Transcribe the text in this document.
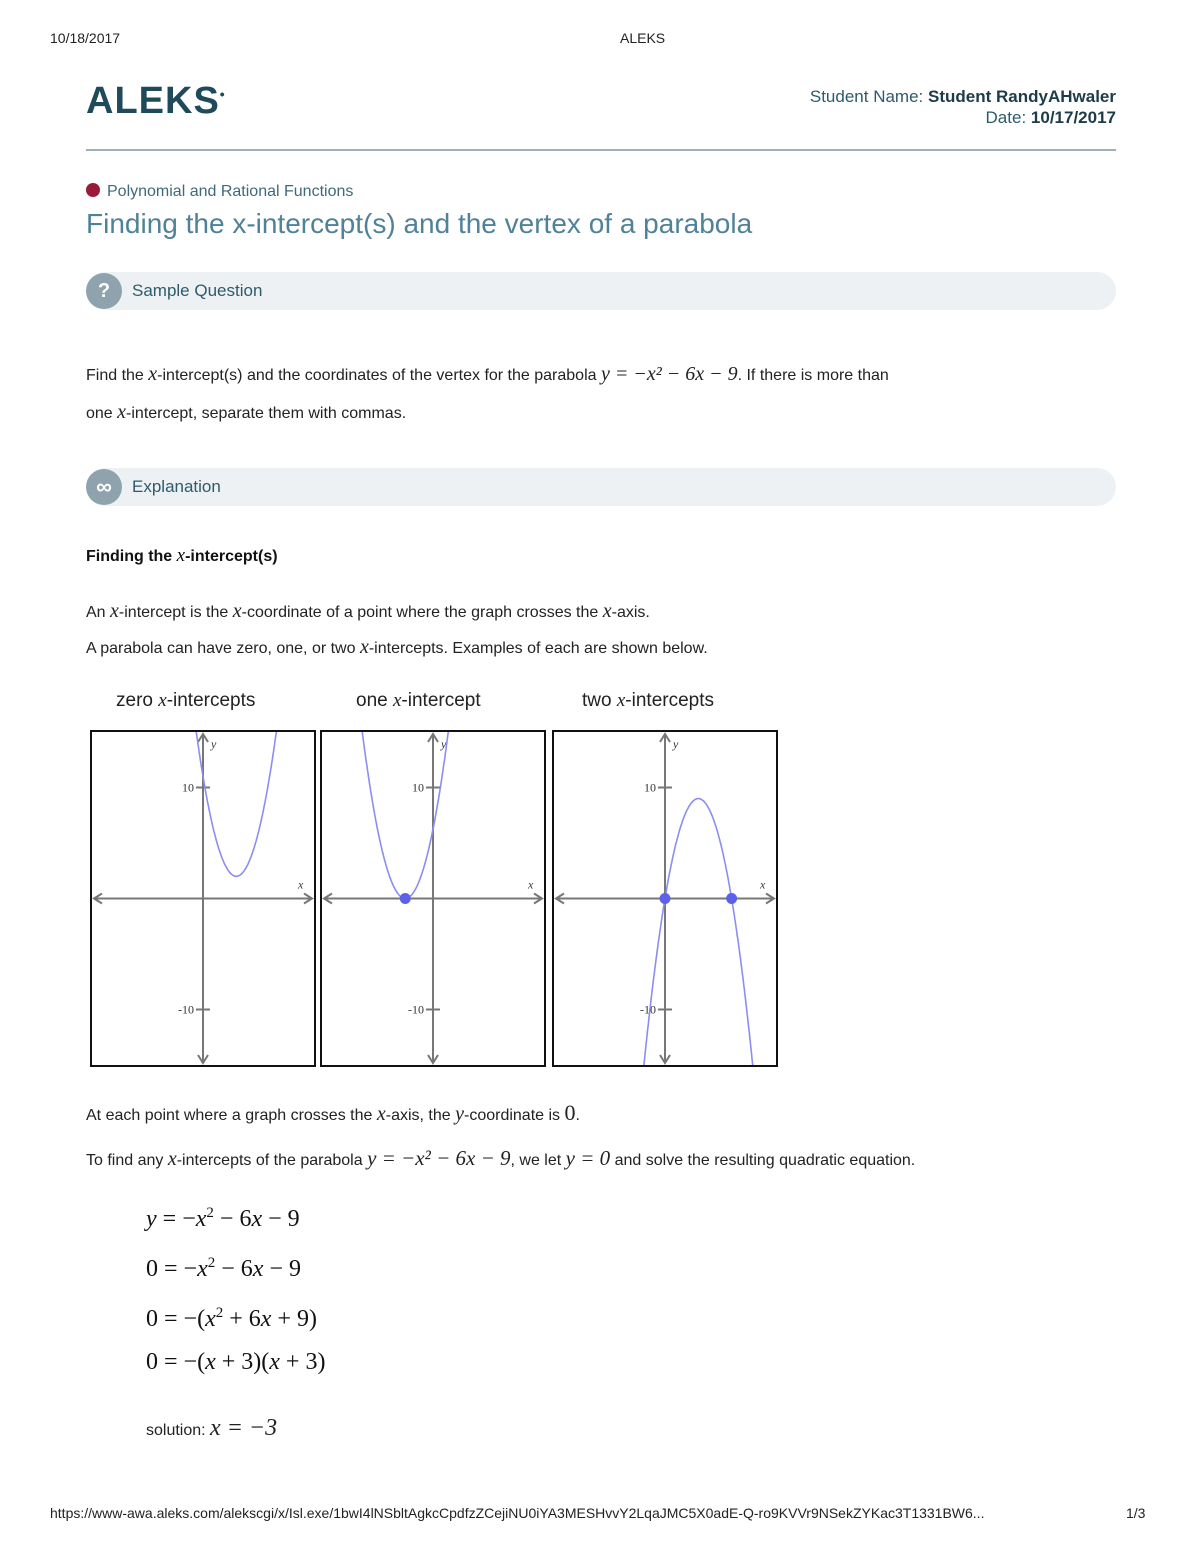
10/18/2017	ALEKS
ALEKS•	Student Name: Student RandyAHwaler
Date: 10/17/2017
Polynomial and Rational Functions
Finding the x-intercept(s) and the vertex of a parabola
?	Sample Question
Find the x-intercept(s) and the coordinates of the vertex for the parabola y = −x² − 6x − 9. If there is more than
one x-intercept, separate them with commas.
∞	Explanation
Finding the x-intercept(s)
An x-intercept is the x-coordinate of a point where the graph crosses the x-axis.
A parabola can have zero, one, or two x-intercepts. Examples of each are shown below.
zero x-intercepts	one x-intercept	two x-intercepts
10
-10
y
x
10
-10
y
x
10
-10
y
x
At each point where a graph crosses the x-axis, the y-coordinate is 0.
To find any x-intercepts of the parabola y = −x² − 6x − 9, we let y = 0 and solve the resulting quadratic equation.
$y = -x^2 - 6x - 9$
$0 = -x^2 - 6x - 9$
$0 = -(x^2 + 6x + 9)$
0 = −(x + 3)(x + 3)
solution: x = −3
https://www-awa.aleks.com/alekscgi/x/Isl.exe/1bwI4lNSbltAgkcCpdfzZCejiNU0iYA3MESHvvY2LqaJMC5X0adE-Q-ro9KVVr9NSekZYKac3T1331BW6...	1/3
